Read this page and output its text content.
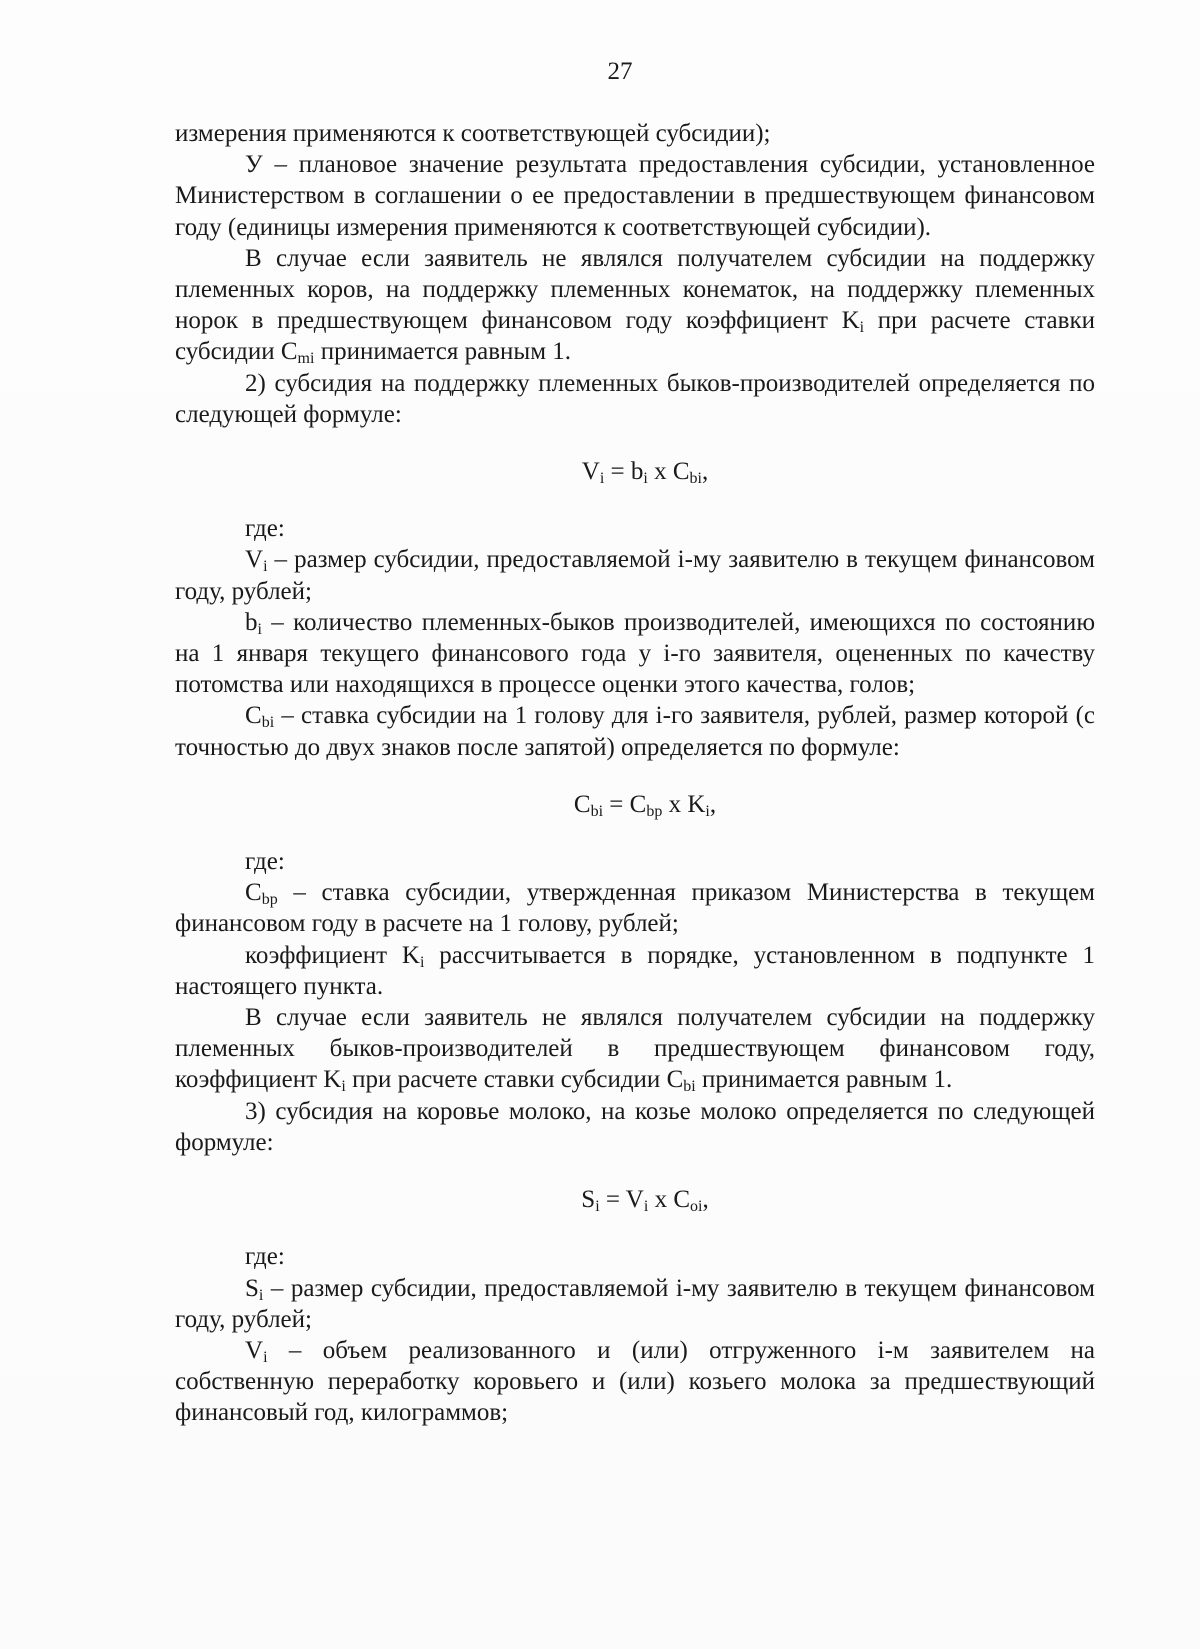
27

измерения применяются к соответствующей субсидии);

У – плановое значение результата предоставления субсидии, установленное Министерством в соглашении о ее предоставлении в предшествующем финансовом году (единицы измерения применяются к соответствующей субсидии).

В случае если заявитель не являлся получателем субсидии на поддержку племенных коров, на поддержку племенных конематок, на поддержку племенных норок в предшествующем финансовом году коэффициент $K_i$ при расчете ставки субсидии $C_{mi}$ принимается равным 1.

2) субсидия на поддержку племенных быков-производителей определяется по следующей формуле:

$V_i = b_i$ x $C_{bi}$,

где:

$V_i$ – размер субсидии, предоставляемой i-му заявителю в текущем финансовом году, рублей;

$b_i$ – количество племенных-быков производителей, имеющихся по состоянию на 1 января текущего финансового года у i-го заявителя, оцененных по качеству потомства или находящихся в процессе оценки этого качества, голов;

$C_{bi}$ – ставка субсидии на 1 голову для i-го заявителя, рублей, размер которой (с точностью до двух знаков после запятой) определяется по формуле:

$C_{bi} = C_{bp}$ x $K_i$,

где:

$C_{bp}$ – ставка субсидии, утвержденная приказом Министерства в текущем финансовом году в расчете на 1 голову, рублей;

коэффициент $K_i$ рассчитывается в порядке, установленном в подпункте 1 настоящего пункта.

В случае если заявитель не являлся получателем субсидии на поддержку племенных быков-производителей в предшествующем финансовом году, коэффициент $K_i$ при расчете ставки субсидии $C_{bi}$ принимается равным 1.

3) субсидия на коровье молоко, на козье молоко определяется по следующей формуле:

$S_i = V_i$ x $C_{oi}$,

где:

$S_i$ – размер субсидии, предоставляемой i-му заявителю в текущем финансовом году, рублей;

$V_i$ – объем реализованного и (или) отгруженного i-м заявителем на собственную переработку коровьего и (или) козьего молока за предшествующий финансовый год, килограммов;
